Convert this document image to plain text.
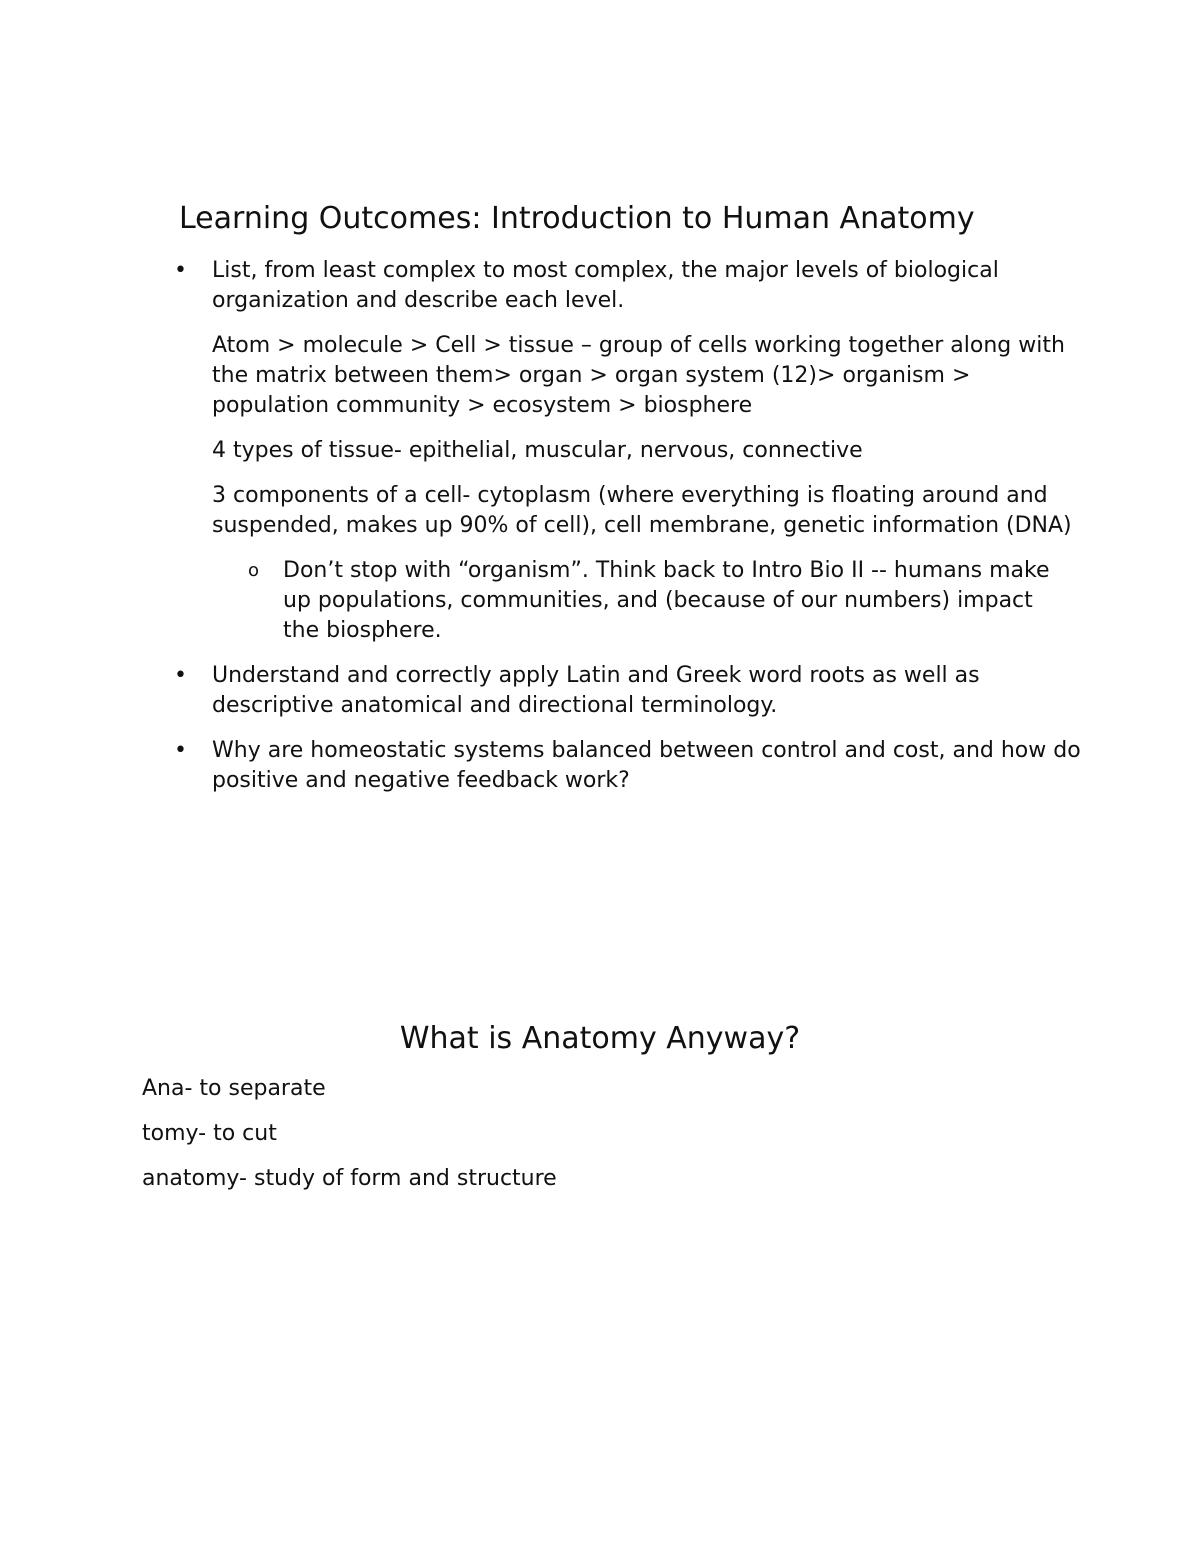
Learning Outcomes: Introduction to Human Anatomy
• List, from least complex to most complex, the major levels of biological organization and describe each level.

Atom > molecule > Cell > tissue – group of cells working together along with the matrix between them> organ > organ system (12)> organism > population community > ecosystem > biosphere

4 types of tissue- epithelial, muscular, nervous, connective

3 components of a cell- cytoplasm (where everything is floating around and suspended, makes up 90% of cell), cell membrane, genetic information (DNA)

o Don’t stop with “organism”. Think back to Intro Bio II -- humans make up populations, communities, and (because of our numbers) impact the biosphere.
• Understand and correctly apply Latin and Greek word roots as well as descriptive anatomical and directional terminology.
• Why are homeostatic systems balanced between control and cost, and how do positive and negative feedback work?
What is Anatomy Anyway?

Ana- to separate

tomy- to cut

anatomy- study of form and structure
